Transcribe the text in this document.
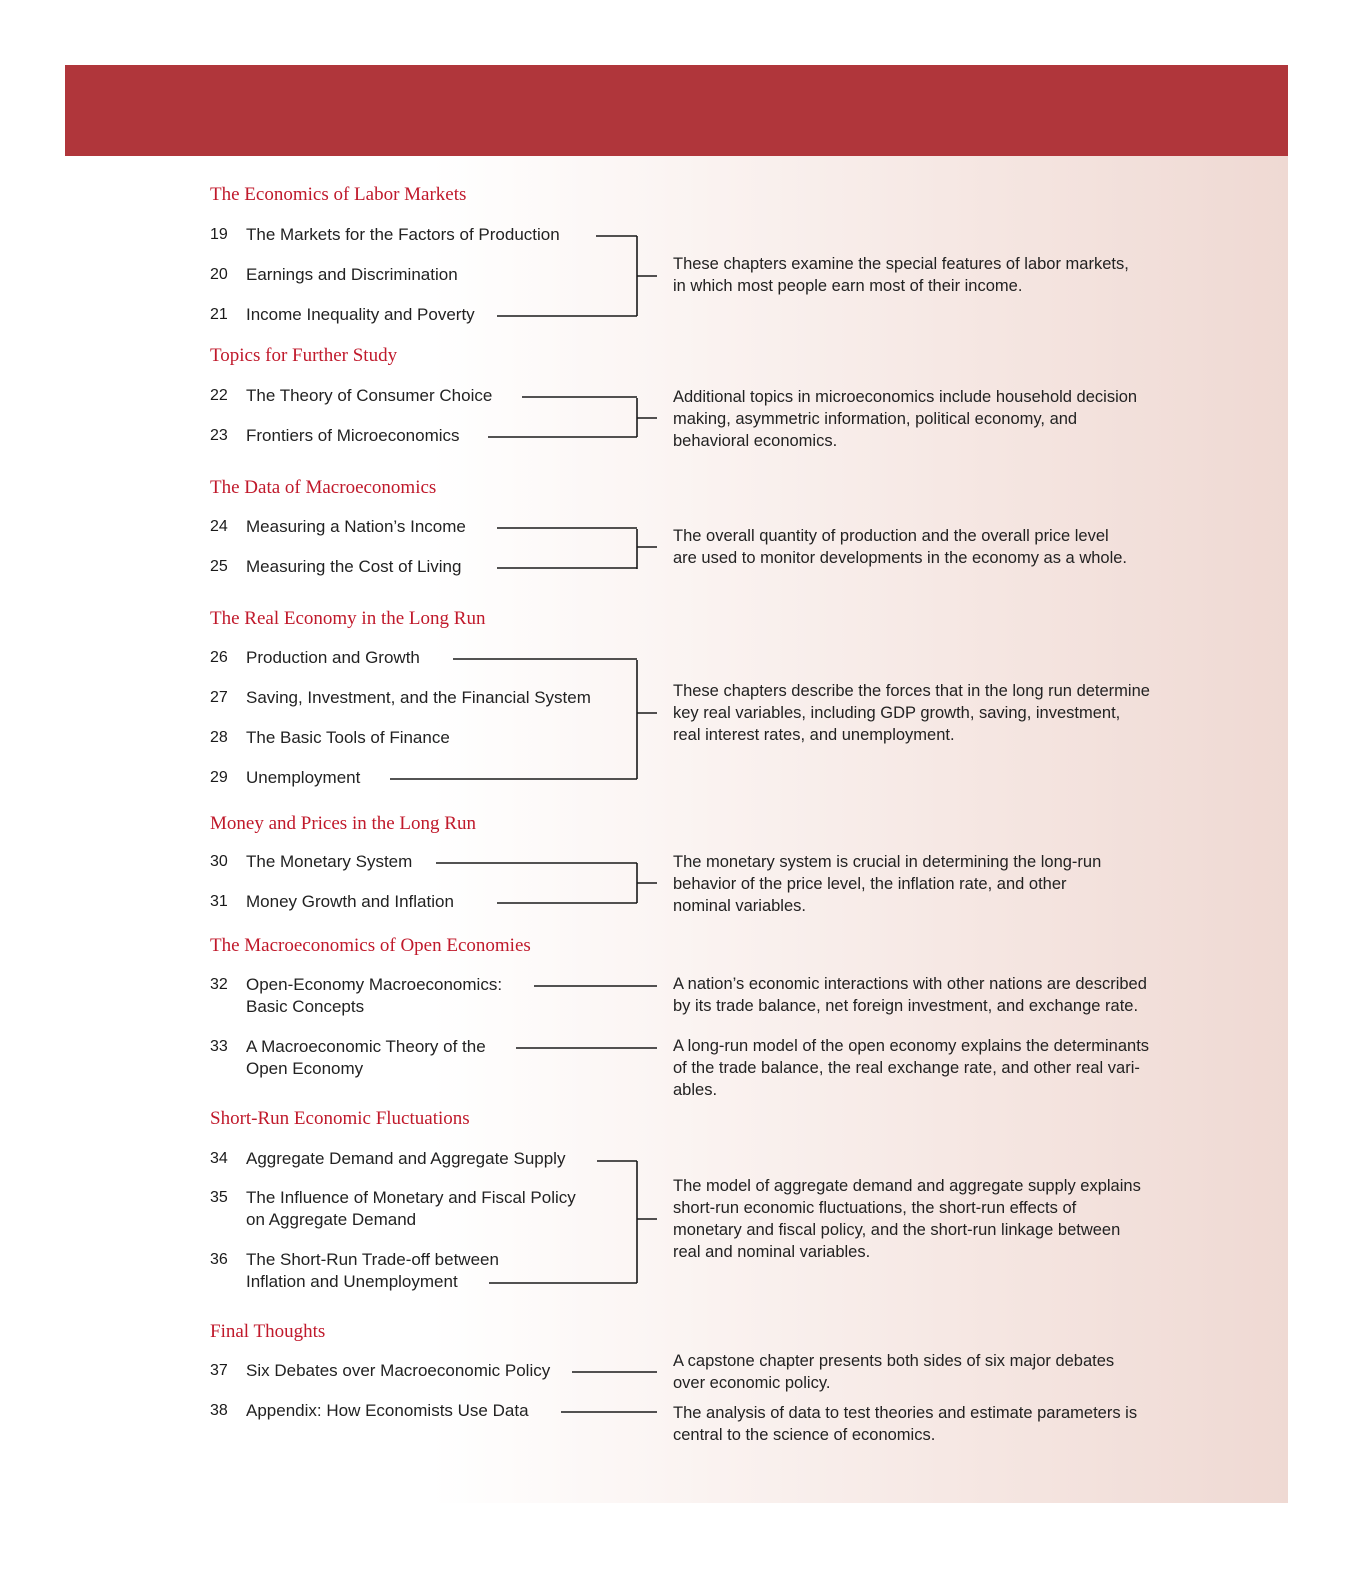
The Economics of Labor Markets
19 The Markets for the Factors of Production
20 Earnings and Discrimination
21 Income Inequality and Poverty
These chapters examine the special features of labor markets,
in which most people earn most of their income.
Topics for Further Study
22 The Theory of Consumer Choice
23 Frontiers of Microeconomics
Additional topics in microeconomics include household decision
making, asymmetric information, political economy, and
behavioral economics.
The Data of Macroeconomics
24 Measuring a Nation’s Income
25 Measuring the Cost of Living
The overall quantity of production and the overall price level
are used to monitor developments in the economy as a whole.
The Real Economy in the Long Run
26 Production and Growth
27 Saving, Investment, and the Financial System
28 The Basic Tools of Finance
29 Unemployment
These chapters describe the forces that in the long run determine
key real variables, including GDP growth, saving, investment,
real interest rates, and unemployment.
Money and Prices in the Long Run
30 The Monetary System
31 Money Growth and Inflation
The monetary system is crucial in determining the long-run
behavior of the price level, the inflation rate, and other
nominal variables.
The Macroeconomics of Open Economies
32 Open-Economy Macroeconomics:
Basic Concepts
33 A Macroeconomic Theory of the
Open Economy
A nation’s economic interactions with other nations are described
by its trade balance, net foreign investment, and exchange rate.
A long-run model of the open economy explains the determinants
of the trade balance, the real exchange rate, and other real vari-
ables.
Short-Run Economic Fluctuations
34 Aggregate Demand and Aggregate Supply
35 The Influence of Monetary and Fiscal Policy
on Aggregate Demand
36 The Short-Run Trade-off between
Inflation and Unemployment
The model of aggregate demand and aggregate supply explains
short-run economic fluctuations, the short-run effects of
monetary and fiscal policy, and the short-run linkage between
real and nominal variables.
Final Thoughts
37 Six Debates over Macroeconomic Policy
38 Appendix: How Economists Use Data
A capstone chapter presents both sides of six major debates
over economic policy.
The analysis of data to test theories and estimate parameters is
central to the science of economics.
